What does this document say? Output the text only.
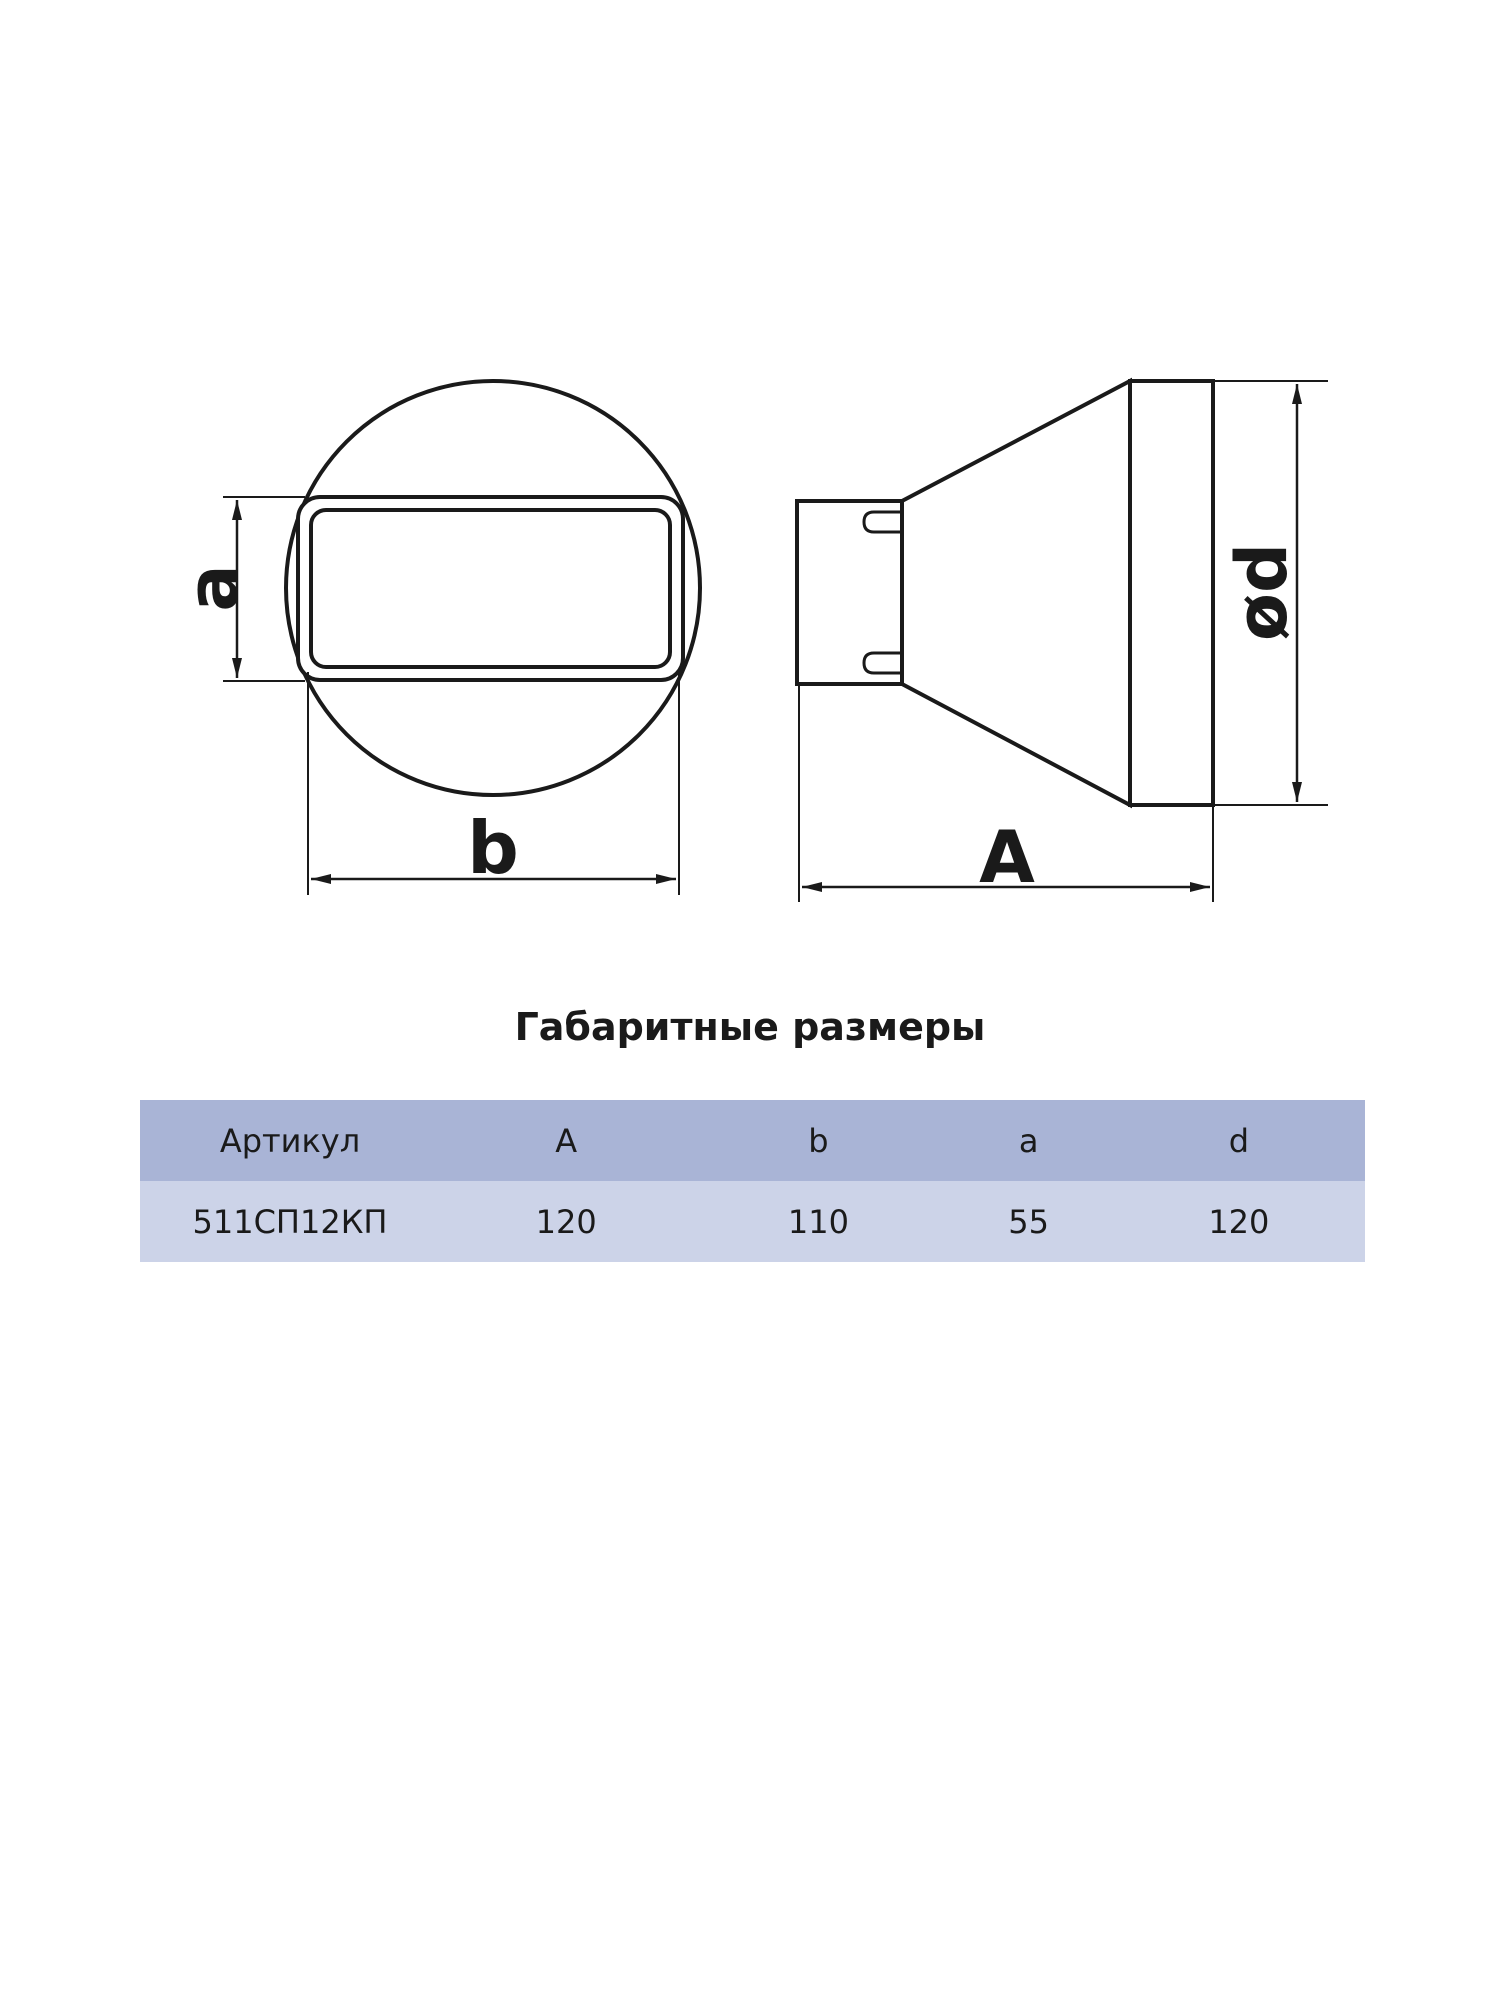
a
b
ød
A
Габаритные размеры
Артикул	A	b	a	d
511СП12КП	120	110	55	120
